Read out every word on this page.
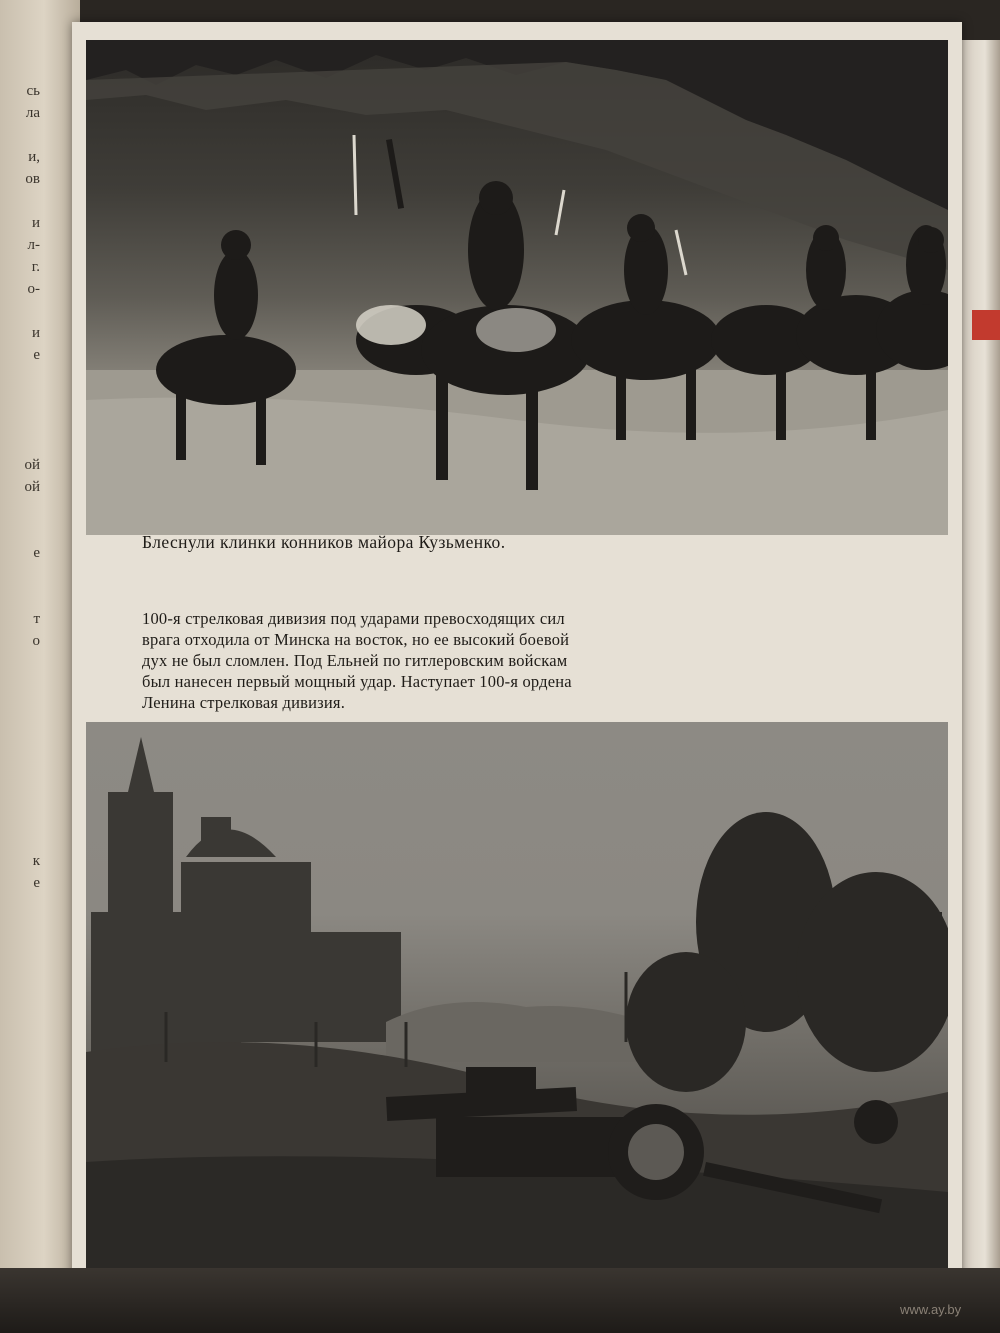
сь
ла
и,
ов
и
л-
г.
о-
и
е
ой
ой
е
т
о
к
е
Блеснули клинки конников майора Кузьменко.
100-я стрелковая дивизия под ударами превосходящих сил
врага отходила от Минска на восток, но ее высокий боевой
дух не был сломлен. Под Ельней по гитлеровским войскам
был нанесен первый мощный удар. Наступает 100-я ордена
Ленина стрелковая дивизия.
www.ay.by
